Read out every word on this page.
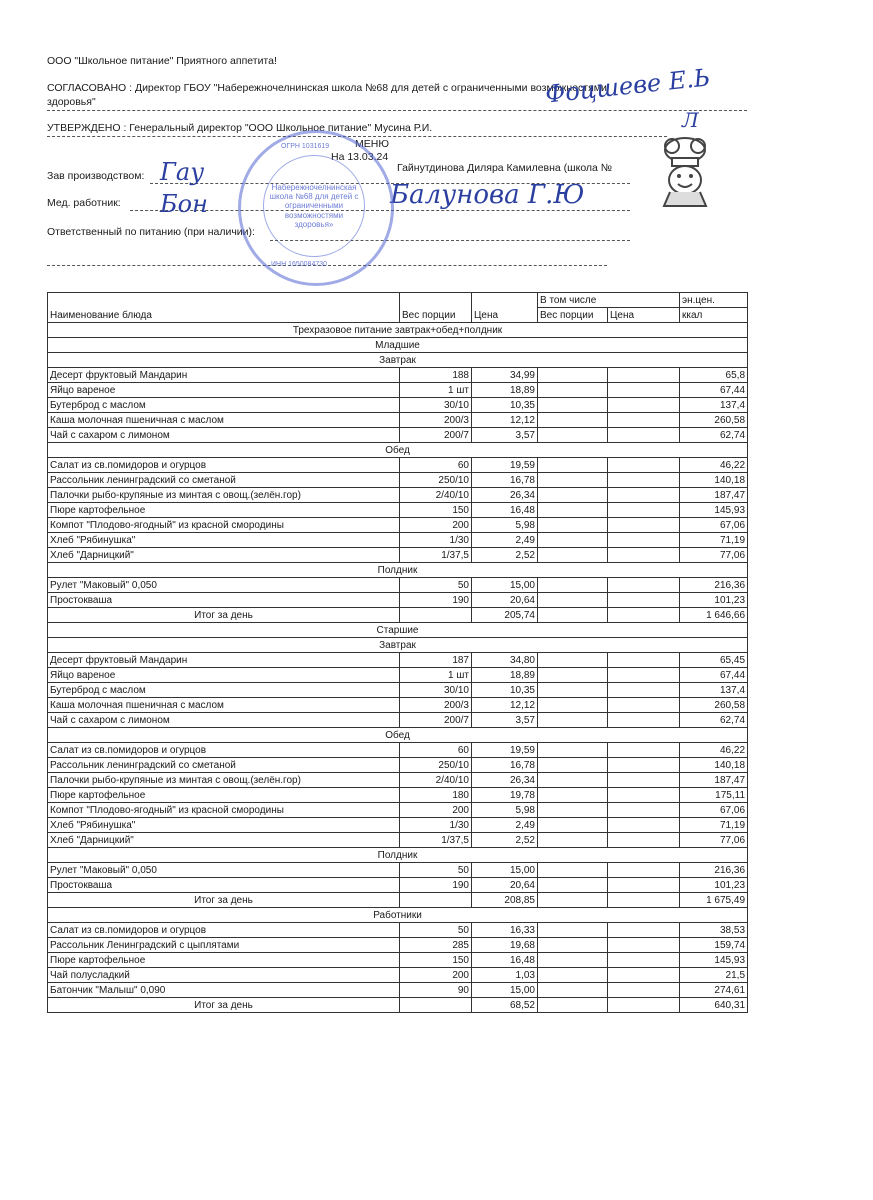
ООО "Школьное питание" Приятного аппетита!
СОГЛАСОВАНО : Директор ГБОУ "Набережночелнинская школа №68 для детей с ограниченными возможностями
здоровья"
УТВЕРЖДЕНО : Генеральный директор "ООО Школьное питание" Мусина Р.И.
МЕНЮ
На 13.03.24
Зав производством:
Гайнутдинова Диляра Камилевна (школа №
Мед. работник:
Ответственный по питанию (при наличии):
Фоцшеве Е.Ь
Л
Гау
Бон	Балунова Г.Ю
ОГРН 1031619
Набережночелнинская
школа №68 для детей с
ограниченными
возможностями
здоровья»
ИНН 1650084730
Наименование блюда	Вес порции	Цена	В том числе		эн.цен.
			Вес порции	Цена	ккал
Трехразовое питание завтрак+обед+полдник					
Младшие					
Завтрак					
Десерт фруктовый Мандарин	188	34,99			65,8
Яйцо вареное	1 шт	18,89			67,44
Бутерброд с маслом	30/10	10,35			137,4
Каша молочная пшеничная с маслом	200/3	12,12			260,58
Чай с сахаром с лимоном	200/7	3,57			62,74
Обед					
Салат из св.помидоров и огурцов	60	19,59			46,22
Рассольник ленинградский со сметаной	250/10	16,78			140,18
Палочки рыбо-крупяные из минтая с овощ.(зелён.гор)	2/40/10	26,34			187,47
Пюре картофельное	150	16,48			145,93
Компот "Плодово-ягодный" из красной смородины	200	5,98			67,06
Хлеб "Рябинушка"	1/30	2,49			71,19
Хлеб "Дарницкий"	1/37,5	2,52			77,06
Полдник					
Рулет "Маковый" 0,050	50	15,00			216,36
Простокваша	190	20,64			101,23
Итог за день		205,74			1 646,66
Старшие					
Завтрак					
Десерт фруктовый Мандарин	187	34,80			65,45
Яйцо вареное	1 шт	18,89			67,44
Бутерброд с маслом	30/10	10,35			137,4
Каша молочная пшеничная с маслом	200/3	12,12			260,58
Чай с сахаром с лимоном	200/7	3,57			62,74
Обед					
Салат из св.помидоров и огурцов	60	19,59			46,22
Рассольник ленинградский со сметаной	250/10	16,78			140,18
Палочки рыбо-крупяные из минтая с овощ.(зелён.гор)	2/40/10	26,34			187,47
Пюре картофельное	180	19,78			175,11
Компот "Плодово-ягодный" из красной смородины	200	5,98			67,06
Хлеб "Рябинушка"	1/30	2,49			71,19
Хлеб "Дарницкий"	1/37,5	2,52			77,06
Полдник					
Рулет "Маковый" 0,050	50	15,00			216,36
Простокваша	190	20,64			101,23
Итог за день		208,85			1 675,49
Работники					
Салат из св.помидоров и огурцов	50	16,33			38,53
Рассольник Ленинградский с цыплятами	285	19,68			159,74
Пюре картофельное	150	16,48			145,93
Чай полусладкий	200	1,03			21,5
Батончик "Малыш" 0,090	90	15,00			274,61
Итог за день		68,52			640,31
